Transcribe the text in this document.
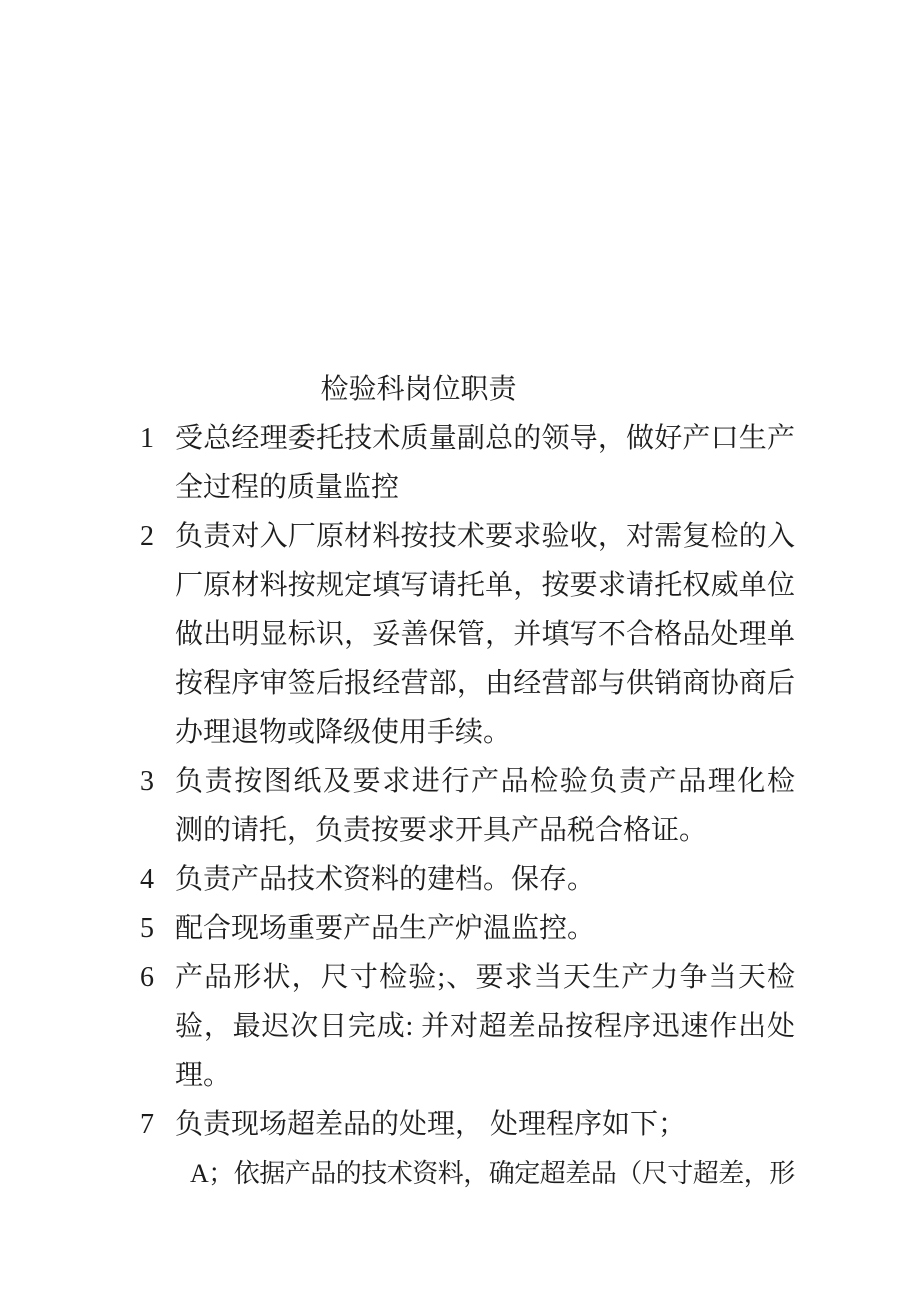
检验科岗位职责
1 受总经理委托技术质量副总的领导，做好产口生产
全过程的质量监控
2 负责对入厂原材料按技术要求验收，对需复检的入
厂原材料按规定填写请托单，按要求请托权威单位
做出明显标识，妥善保管，并填写不合格品处理单
按程序审签后报经营部，由经营部与供销商协商后
办理退物或降级使用手续。
3 负责按图纸及要求进行产品检验负责产品理化检
测的请托，负责按要求开具产品税合格证。
4 负责产品技术资料的建档。保存。
5 配合现场重要产品生产炉温监控。
6 产品形状，尺寸检验;、要求当天生产力争当天检
验，最迟次日完成: 并对超差品按程序迅速作出处
理。
7 负责现场超差品的处理， 处理程序如下；
A；依据产品的技术资料，确定超差品（尺寸超差，形
